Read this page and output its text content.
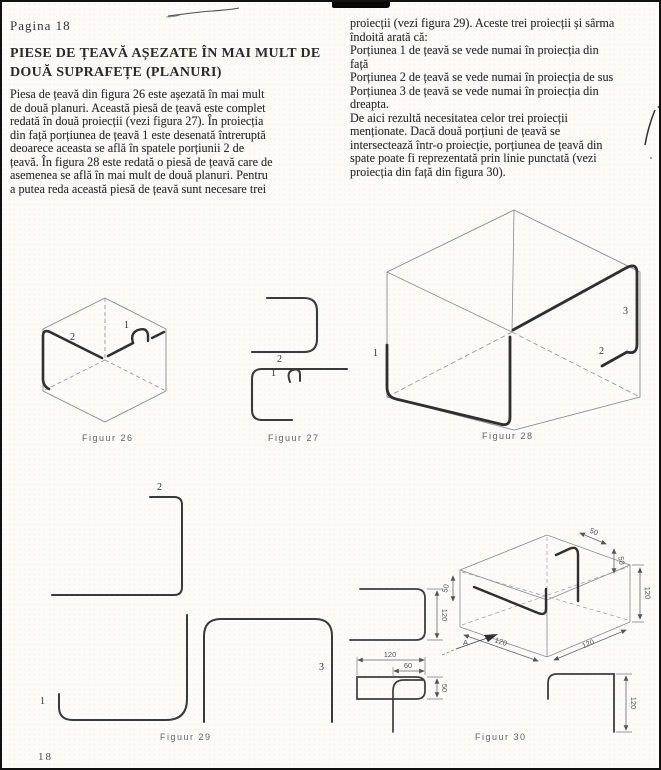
Pagina 18
PIESE DE ȚEAVĂ AȘEZATE ÎN MAI MULT DE
DOUĂ SUPRAFEȚE (PLANURI)
Piesa de țeavă din figura 26 este așezată în mai mult
de două planuri. Această piesă de țeavă este complet
redată în două proiecții (vezi figura 27). În proiecția
din față porțiunea de țeavă 1 este desenată întreruptă
deoarece aceasta se află în spatele porțiunii 2 de
țeavă. În figura 28 este redată o piesă de țeavă care de
asemenea se află în mai mult de două planuri. Pentru
a putea reda această piesă de țeavă sunt necesare trei
proiecții (vezi figura 29). Aceste trei proiecții și sârma
îndoită arată că:
Porțiunea 1 de țeavă se vede numai în proiecția din
față
Porțiunea 2 de țeavă se vede numai în proiecția de sus
Porțiunea 3 de țeavă se vede numai în proiecția din
dreapta.
De aici rezultă necesitatea celor trei proiecții
menționate. Dacă două porțiuni de țeavă se
intersectează într-o proiecție, porțiunea de țeavă din
spate poate fi reprezentată prin linie punctată (vezi
proiecția din față din figura 30).
1
2
Figuur 26
2
1
Figuur 27
1	2
3
Figuur 28
2
1
3
Figuur 29
120
120
60
50
120
50
50
50
120
120	120
A
Figuur 30
18
